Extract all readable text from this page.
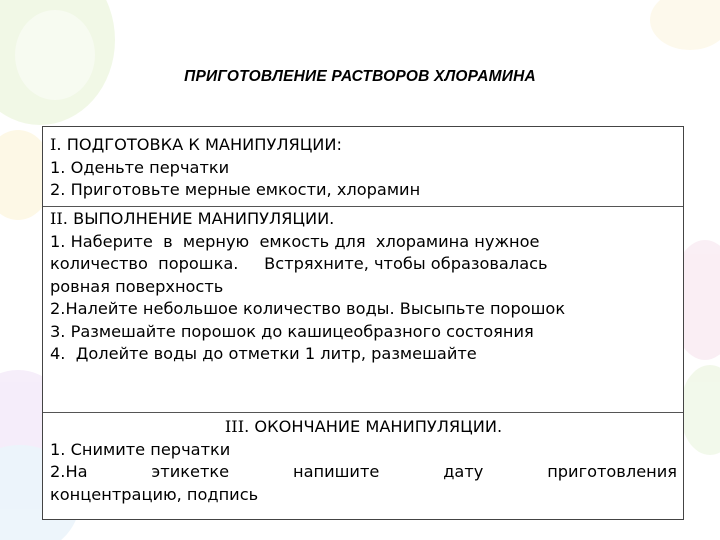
ПРИГОТОВЛЕНИЕ РАСТВОРОВ ХЛОРАМИНА
I. ПОДГОТОВКА К МАНИПУЛЯЦИИ:
1. Оденьте перчатки
2. Приготовьте мерные емкости, хлорамин
II. ВЫПОЛНЕНИЕ МАНИПУЛЯЦИИ.
1. Наберите  в  мерную  емкость для  хлорамина нужное
количество  порошка.     Встряхните, чтобы образовалась
ровная поверхность
2.Налейте небольшое количество воды. Высыпьте порошок
3. Размешайте порошок до кашицеобразного состояния
4.  Долейте воды до отметки 1 литр, размешайте
III. ОКОНЧАНИЕ МАНИПУЛЯЦИИ.
1. Снимите перчатки
2.На	этикетке	напишите	дату	приготовления
концентрацию, подпись
